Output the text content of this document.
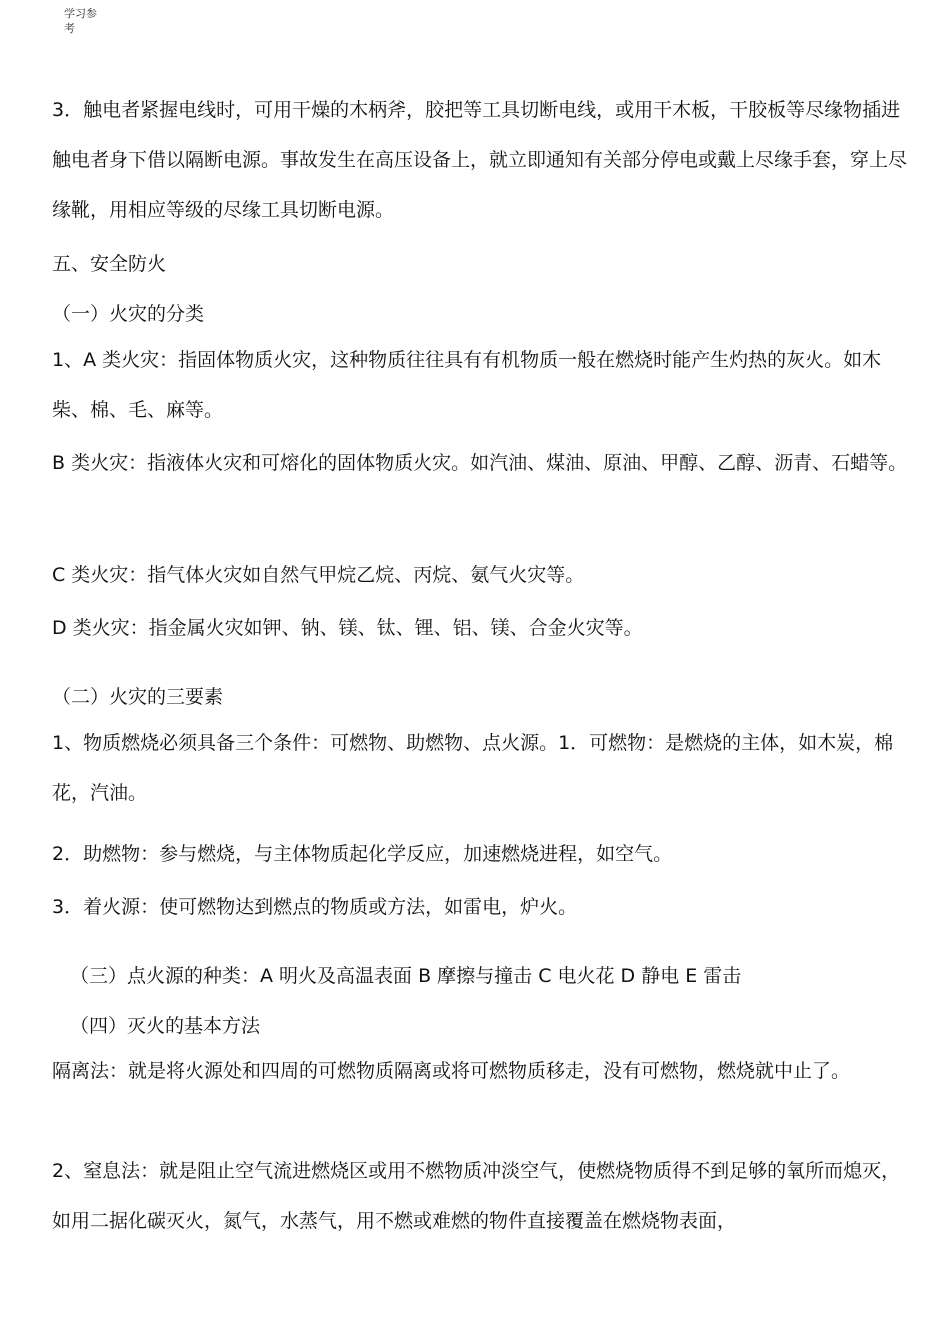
学习参
考
3．触电者紧握电线时，可用干燥的木柄斧，胶把等工具切断电线，或用干木板，干胶板等尽缘物插进触电者身下借以隔断电源。事故发生在高压设备上，就立即通知有关部分停电或戴上尽缘手套，穿上尽缘靴，用相应等级的尽缘工具切断电源。
五、安全防火
（一）火灾的分类
1、A 类火灾：指固体物质火灾，这种物质往往具有有机物质一般在燃烧时能产生灼热的灰火。如木柴、棉、毛、麻等。
B 类火灾：指液体火灾和可熔化的固体物质火灾。如汽油、煤油、原油、甲醇、乙醇、沥青、石蜡等。
C 类火灾：指气体火灾如自然气甲烷乙烷、丙烷、氨气火灾等。
D 类火灾：指金属火灾如钾、钠、镁、钛、锂、铝、镁、合金火灾等。
（二）火灾的三要素
1、物质燃烧必须具备三个条件：可燃物、助燃物、点火源。1．可燃物：是燃烧的主体，如木炭，棉花，汽油。
2．助燃物：参与燃烧，与主体物质起化学反应，加速燃烧进程，如空气。
3．着火源：使可燃物达到燃点的物质或方法，如雷电，炉火。
（三）点火源的种类：A 明火及高温表面 B 摩擦与撞击 C 电火花 D 静电 E 雷击
（四）灭火的基本方法
隔离法：就是将火源处和四周的可燃物质隔离或将可燃物质移走，没有可燃物，燃烧就中止了。
2、窒息法：就是阻止空气流进燃烧区或用不燃物质冲淡空气，使燃烧物质得不到足够的氧所而熄灭，如用二据化碳灭火，氮气，水蒸气，用不燃或难燃的物件直接覆盖在燃烧物表面，
